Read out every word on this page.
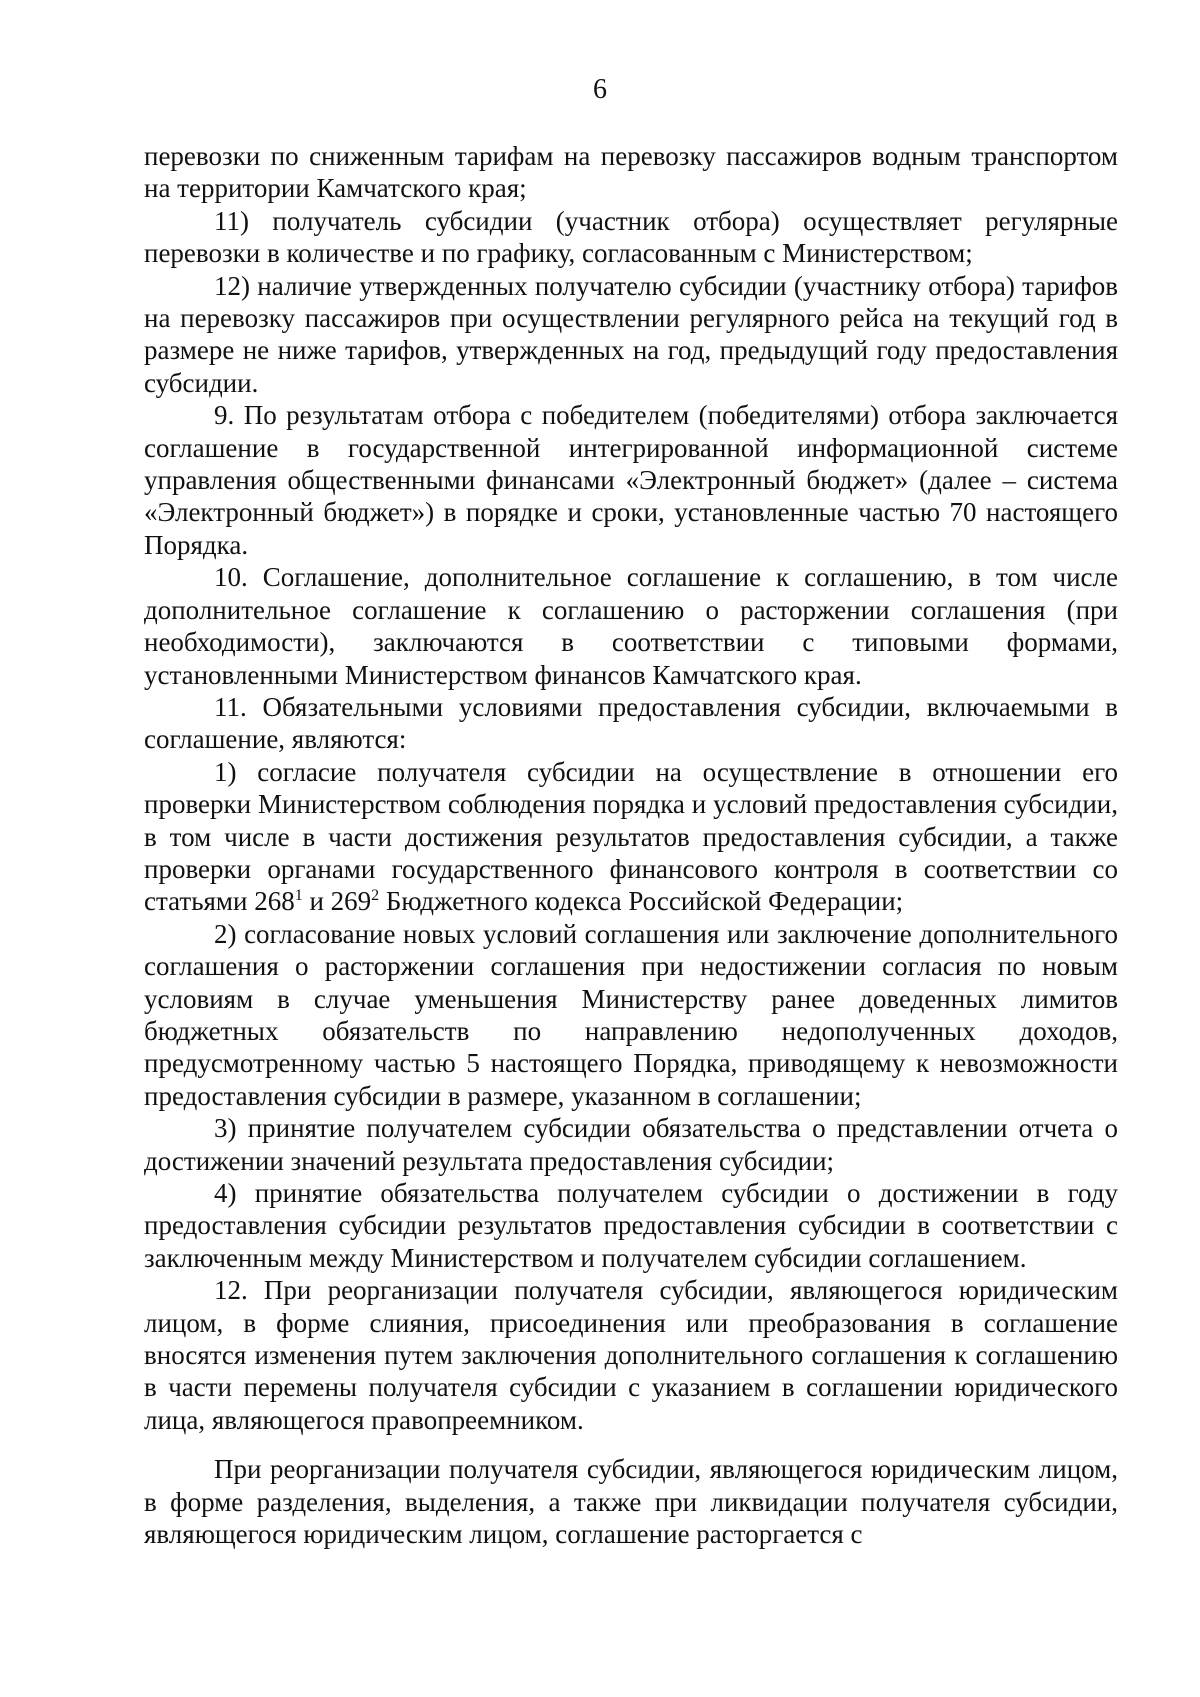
6

перевозки по сниженным тарифам на перевозку пассажиров водным транспортом на территории Камчатского края;

11) получатель субсидии (участник отбора) осуществляет регулярные перевозки в количестве и по графику, согласованным с Министерством;

12) наличие утвержденных получателю субсидии (участнику отбора) тарифов на перевозку пассажиров при осуществлении регулярного рейса на текущий год в размере не ниже тарифов, утвержденных на год, предыдущий году предоставления субсидии.

9. По результатам отбора с победителем (победителями) отбора заключается соглашение в государственной интегрированной информационной системе управления общественными финансами «Электронный бюджет» (далее – система «Электронный бюджет») в порядке и сроки, установленные частью 70 настоящего Порядка.

10. Соглашение, дополнительное соглашение к соглашению, в том числе дополнительное соглашение к соглашению о расторжении соглашения (при необходимости), заключаются в соответствии с типовыми формами, установленными Министерством финансов Камчатского края.

11. Обязательными условиями предоставления субсидии, включаемыми в соглашение, являются:

1) согласие получателя субсидии на осуществление в отношении его проверки Министерством соблюдения порядка и условий предоставления субсидии, в том числе в части достижения результатов предоставления субсидии, а также проверки органами государственного финансового контроля в соответствии со статьями $268^1$ и $269^2$ Бюджетного кодекса Российской Федерации;

2) согласование новых условий соглашения или заключение дополнительного соглашения о расторжении соглашения при недостижении согласия по новым условиям в случае уменьшения Министерству ранее доведенных лимитов бюджетных обязательств по направлению недополученных доходов, предусмотренному частью 5 настоящего Порядка, приводящему к невозможности предоставления субсидии в размере, указанном в соглашении;

3) принятие получателем субсидии обязательства о представлении отчета о достижении значений результата предоставления субсидии;

4) принятие обязательства получателем субсидии о достижении в году предоставления субсидии результатов предоставления субсидии в соответствии с заключенным между Министерством и получателем субсидии соглашением.

12. При реорганизации получателя субсидии, являющегося юридическим лицом, в форме слияния, присоединения или преобразования в соглашение вносятся изменения путем заключения дополнительного соглашения к соглашению в части перемены получателя субсидии с указанием в соглашении юридического лица, являющегося правопреемником.

При реорганизации получателя субсидии, являющегося юридическим лицом, в форме разделения, выделения, а также при ликвидации получателя субсидии, являющегося юридическим лицом, соглашение расторгается с
